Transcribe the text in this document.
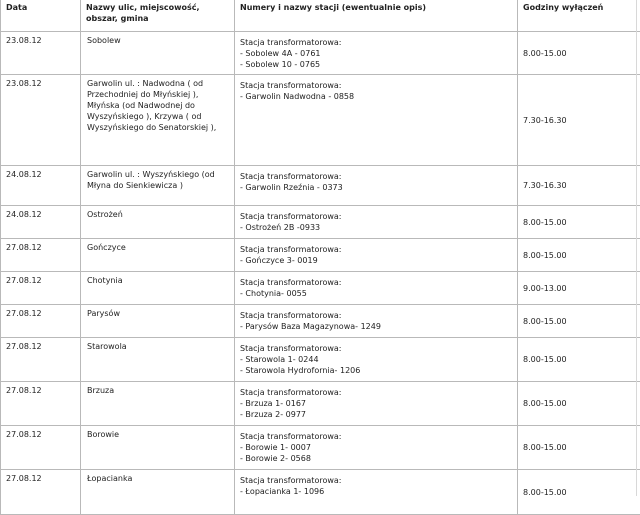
Data	Nazwy ulic, miejscowość, obszar, gmina	Numery i nazwy stacji (ewentualnie opis)	Godziny wyłączeń
23.08.12	Sobolew	Stacja transformatorowa:
- Sobolew 4A - 0761
- Sobolew 10 - 0765	8.00-15.00
23.08.12	Garwolin ul. : Nadwodna ( od Przechodniej do Młyńskiej ), Młyńska (od Nadwodnej do Wyszyńskiego ), Krzywa ( od Wyszyńskiego do Senatorskiej ),	Stacja transformatorowa:
- Garwolin Nadwodna - 0858	7.30-16.30
24.08.12	Garwolin ul. : Wyszyńskiego (od Młyna do Sienkiewicza )	Stacja transformatorowa:
- Garwolin Rzeźnia - 0373	7.30-16.30
24.08.12	Ostrożeń	Stacja transformatorowa:
- Ostrożeń 2B -0933	8.00-15.00
27.08.12	Gończyce	Stacja transformatorowa:
- Gończyce 3- 0019	8.00-15.00
27.08.12	Chotynia	Stacja transformatorowa:
- Chotynia- 0055	9.00-13.00
27.08.12	Parysów	Stacja transformatorowa:
- Parysów Baza Magazynowa- 1249	8.00-15.00
27.08.12	Starowola	Stacja transformatorowa:
- Starowola 1- 0244
- Starowola Hydrofornia- 1206	8.00-15.00
27.08.12	Brzuza	Stacja transformatorowa:
- Brzuza 1- 0167
- Brzuza 2- 0977	8.00-15.00
27.08.12	Borowie	Stacja transformatorowa:
- Borowie 1- 0007
- Borowie 2- 0568	8.00-15.00
27.08.12	Łopacianka	Stacja transformatorowa:
- Łopacianka 1- 1096	8.00-15.00
